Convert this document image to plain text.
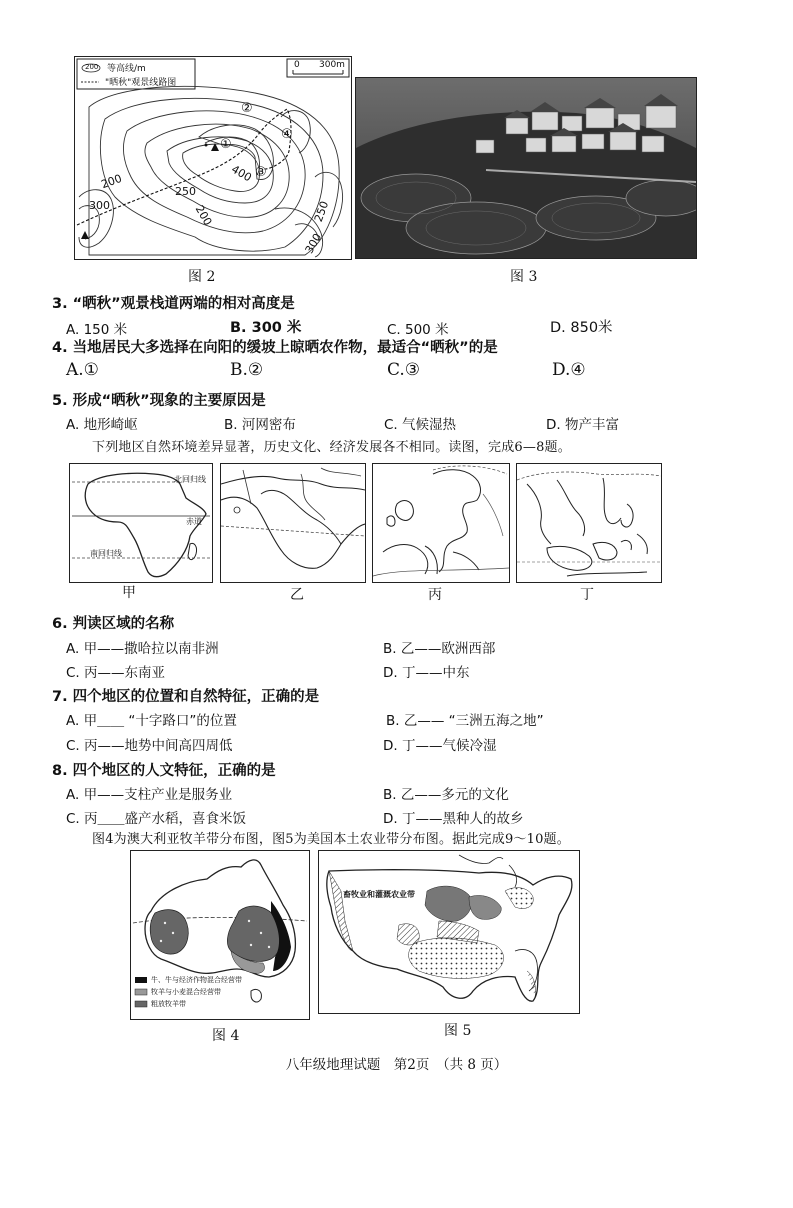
200 等高线/m
"晒秋"观景线路图
0 300m
250
400
200
300	200	250
300
①
②
③
④
图 2	图 3
3. “晒秋”观景栈道两端的相对高度是
A. 150 米	B. 300 米	C. 500 米	D. 850米
4. 当地居民大多选择在向阳的缓坡上晾晒农作物，最适合“晒秋”的是
A.①	B.②	C.③	D.④
5. 形成“晒秋”现象的主要原因是
A. 地形崎岖	B. 河网密布	C. 气候湿热	D. 物产丰富
下列地区自然环境差异显著，历史文化、经济发展各不相同。读图，完成6—8题。
北回归线
赤道
南回归线
甲	乙	丙	丁
6. 判读区域的名称
A. 甲——撒哈拉以南非洲	B. 乙——欧洲西部
C. 丙——东南亚	D. 丁——中东
7. 四个地区的位置和自然特征，正确的是
A. 甲＿＿ “十字路口”的位置	B. 乙—— “三洲五海之地”
C. 丙——地势中间高四周低	D. 丁——气候冷湿
8. 四个地区的人文特征，正确的是
A. 甲——支柱产业是服务业	B. 乙——多元的文化
C. 丙＿＿盛产水稻，喜食米饭	D. 丁——黑种人的故乡
图4为澳大利亚牧羊带分布图，图5为美国本土农业带分布图。据此完成9～10题。
牛、牛与经济作物混合经营带
牧羊与小麦混合经营带
粗放牧羊带
图 4
畜牧业和灌溉农业带
图 5
八年级地理试题　第2页　（共 8 页）
